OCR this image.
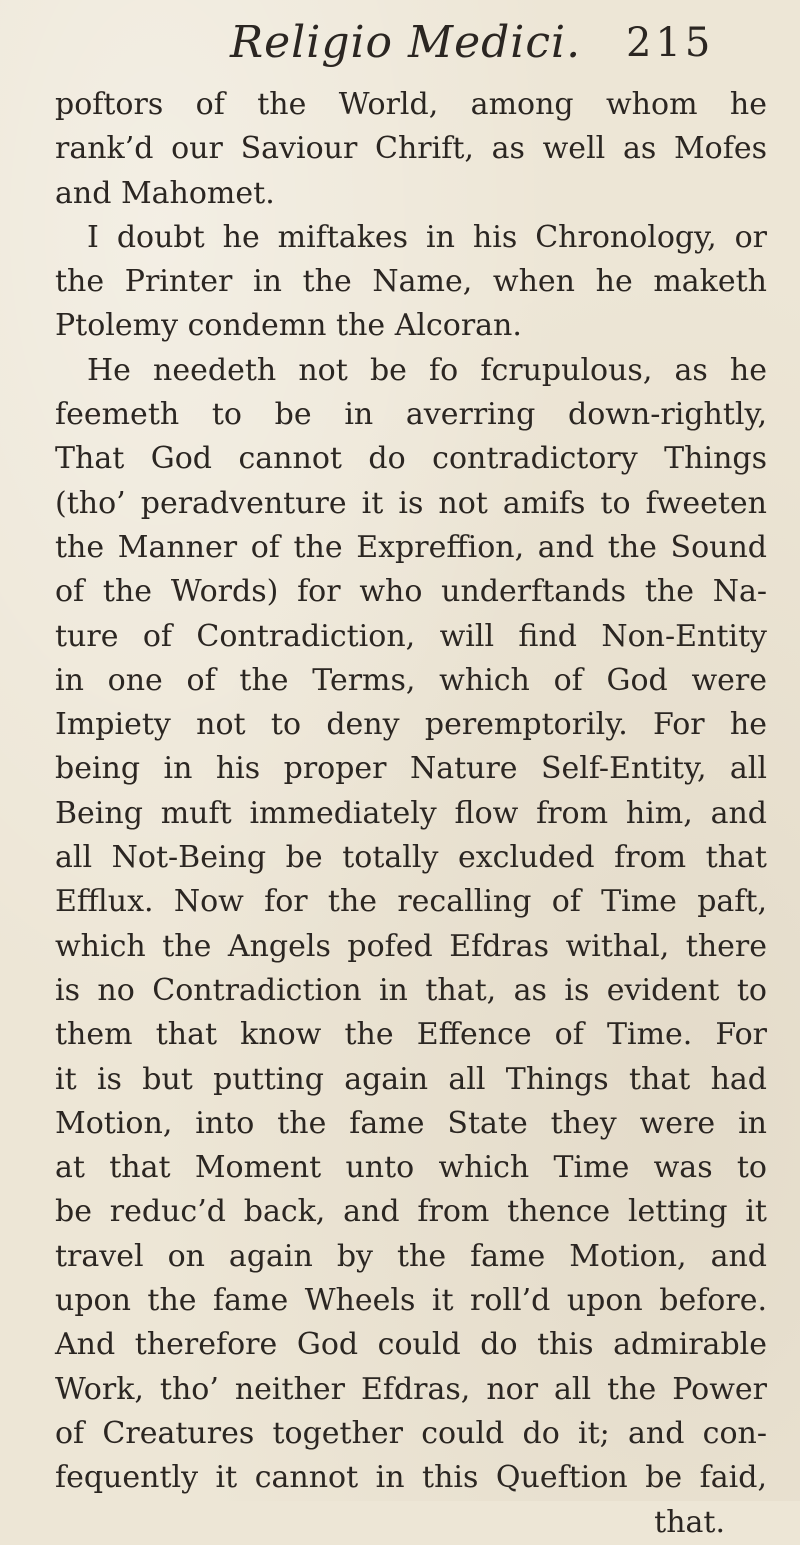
Religio Medici. 215
poftors of the World, among whom he
rank’d our Saviour Chrift, as well as Mofes
and Mahomet.
I doubt he miftakes in his Chronology, or
the Printer in the Name, when he maketh
Ptolemy condemn the Alcoran.
He needeth not be fo fcrupulous, as he
feemeth to be in averring down-rightly,
That God cannot do contradictory Things
(tho’ peradventure it is not amifs to fweeten
the Manner of the Expreffion, and the Sound
of the Words) for who underftands the Na-
ture of Contradiction, will find Non-Entity
in one of the Terms, which of God were
Impiety not to deny peremptorily. For he
being in his proper Nature Self-Entity, all
Being muft immediately flow from him, and
all Not-Being be totally excluded from that
Efflux. Now for the recalling of Time paft,
which the Angels pofed Efdras withal, there
is no Contradiction in that, as is evident to
them that know the Effence of Time. For
it is but putting again all Things that had
Motion, into the fame State they were in
at that Moment unto which Time was to
be reduc’d back, and from thence letting it
travel on again by the fame Motion, and
upon the fame Wheels it roll’d upon before.
And therefore God could do this admirable
Work, tho’ neither Efdras, nor all the Power
of Creatures together could do it; and con-
fequently it cannot in this Queftion be faid,
that.
